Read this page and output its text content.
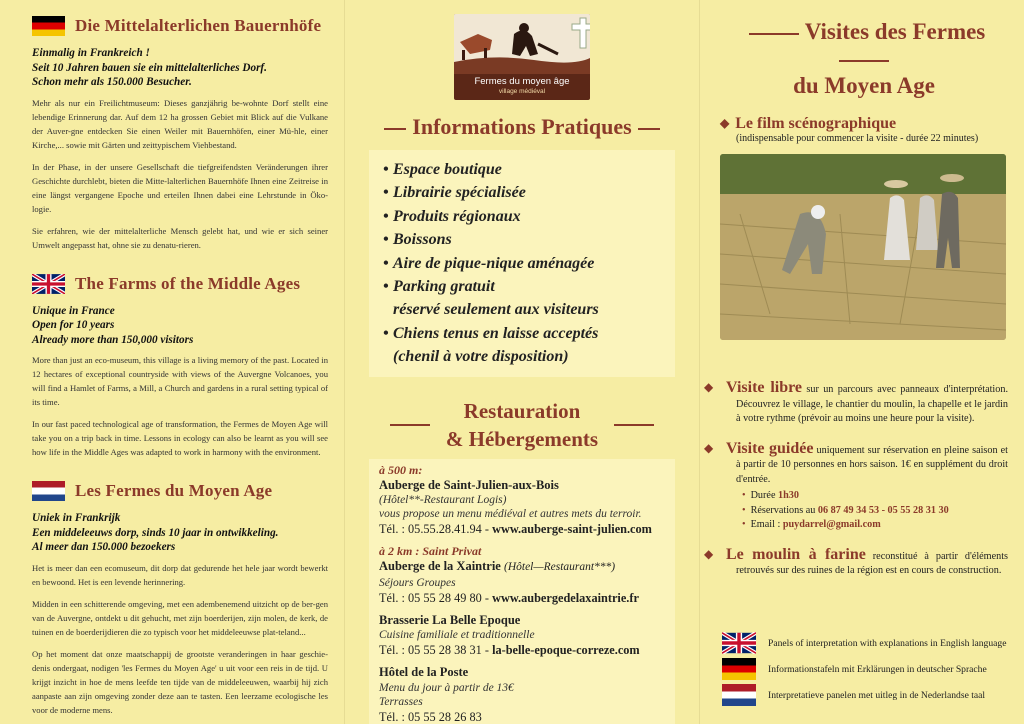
Die Mittelalterlichen Bauernhöfe
Einmalig in Frankreich !
Seit 10 Jahren bauen sie ein mittelalterliches Dorf.
Schon mehr als 150.000 Besucher.

Mehr als nur ein Freilichtmuseum: Dieses ganzjährig be-wohnte Dorf stellt eine lebendige Erinnerung dar. Auf dem 12 ha grossen Gebiet mit Blick auf die Vulkane der Auver-gne entdecken Sie einen Weiler mit Bauernhöfen, einer Mü-hle, einer Kirche,... sowie mit Gärten und zeittypischem Viehbestand.

In der Phase, in der unsere Gesellschaft die tiefgreifendsten Veränderungen ihrer Geschichte durchlebt, bieten die Mitte-lalterlichen Bauernhöfe Ihnen eine Zeitreise in eine längst vergangene Epoche und erteilen Ihnen dabei eine Lehrstunde in Öko-logie.

Sie erfahren, wie der mittelalterliche Mensch gelebt hat, und wie er sich seiner Umwelt angepasst hat, ohne sie zu denatu-rieren.

The Farms of the Middle Ages
Unique in France
Open for 10 years
Already more than 150,000 visitors

More than just an eco-museum, this village is a living memory of the past. Located in 12 hectares of exceptional countryside with views of the Auvergne Volcanoes, you will find a Hamlet of Farms, a Mill, a Church and gardens in a rural setting typical of its time.

In our fast paced technological age of transformation, the Fermes de Moyen Age will take you on a trip back in time. Lessons in ecology can also be learnt as you will see how life in the Middle Ages was adapted to work in harmony with the environment.

Les Fermes du Moyen Age
Uniek in Frankrijk
Een middeleeuws dorp, sinds 10 jaar in ontwikkeling.
Al meer dan 150.000 bezoekers

Het is meer dan een ecomuseum, dit dorp dat gedurende het hele jaar wordt bewerkt en bewoond. Het is een levende herinnering.

Midden in een schitterende omgeving, met een adembenemend uitzicht op de ber-gen van de Auvergne, ontdekt u dit gehucht, met zijn boerderijen, zijn molen, de kerk, de tuinen en de boerderijdieren die zo typisch voor het middeleeuwse plat-teland...

Op het moment dat onze maatschappij de grootste veranderingen in haar geschie-denis ondergaat, nodigen 'les Fermes du Moyen Age' u uit voor een reis in de tijd. U krijgt inzicht in hoe de mens leefde ten tijde van de middeleeuwen, waarbij hij zich aanpaste aan zijn omgeving zonder deze aan te tasten. Een leerzame ecologische les voor de moderne mens.

Fermes du moyen âge
village médiéval
Informations Pratiques
• Espace boutique
• Librairie spécialisée
• Produits régionaux
• Boissons
• Aire de pique-nique aménagée
• Parking gratuit
réservé seulement aux visiteurs
• Chiens tenus en laisse acceptés
(chenil à votre disposition)
Restauration
& Hébergements
à 500 m:
Auberge de Saint-Julien-aux-Bois
(Hôtel**-Restaurant Logis)
vous propose un menu médiéval et autres mets du terroir.
Tél. : 05.55.28.41.94 - www.auberge-saint-julien.com
à 2 km : Saint Privat
Auberge de la Xaintrie (Hôtel—Restaurant***)
Séjours Groupes
Tél. : 05 55 28 49 80 - www.aubergedelaxaintrie.fr
Brasserie La Belle Epoque
Cuisine familiale et traditionnelle
Tél. : 05 55 28 38 31 - la-belle-epoque-correze.com
Hôtel de la Poste
Menu du jour à partir de 13€
Terrasses
Tél. : 05 55 28 26 83
Visites des Fermes
du Moyen Age
◆ Le film scénographique
(indispensable pour commencer la visite - durée 22 minutes)
◆ Visite libre sur un parcours avec panneaux d'interprétation. Découvrez le village, le chantier du moulin, la chapelle et le jardin à votre rythme (prévoir au moins une heure pour la visite).
◆ Visite guidée uniquement sur réservation en pleine saison et à partir de 10 personnes en hors saison. 1€ en supplément du droit d'entrée.
• Durée 1h30
• Réservations au 06 87 49 34 53 - 05 55 28 31 30
• Email : puydarrel@gmail.com
◆ Le moulin à farine reconstitué à partir d'éléments retrouvés sur des ruines de la région est en cours de construction.
Panels of interpretation with explanations in English language
Informationstafeln mit Erklärungen in deutscher Sprache
Interpretatieve panelen met uitleg in de Nederlandse taal
